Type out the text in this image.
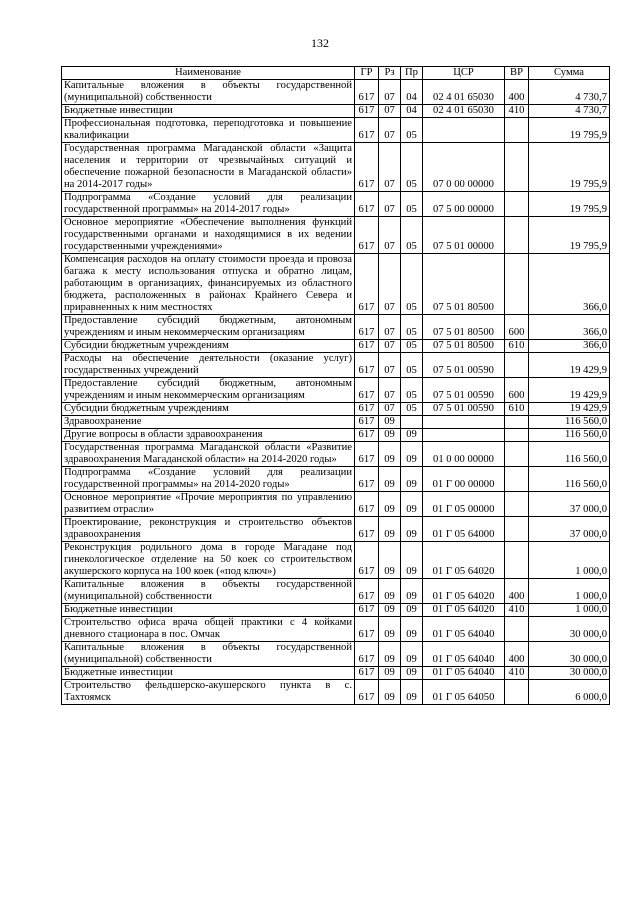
132
Наименование	ГР	Рз	Пр	ЦСР	ВР	Сумма
Капитальные вложения в объекты государственной (муниципальной) собственности	617	07	04	02 4 01 65030	400	4 730,7
Бюджетные инвестиции	617	07	04	02 4 01 65030	410	4 730,7
Профессиональная подготовка, переподготовка и повышение квалификации	617	07	05			19 795,9
Государственная программа Магаданской области «Защита населения и территории от чрезвычайных ситуаций и обеспечение пожарной безопасности в Магаданской области» на 2014-2017 годы»	617	07	05	07 0 00 00000		19 795,9
Подпрограмма «Создание условий для реализации государственной программы» на 2014-2017 годы»	617	07	05	07 5 00 00000		19 795,9
Основное мероприятие «Обеспечение выполнения функций государственными органами и находящимися в их ведении государственными учреждениями»	617	07	05	07 5 01 00000		19 795,9
Компенсация расходов на оплату стоимости проезда и провоза багажа к месту использования отпуска и обратно лицам, работающим в организациях, финансируемых из областного бюджета, расположенных в районах Крайнего Севера и приравненных к ним местностях	617	07	05	07 5 01 80500		366,0
Предоставление субсидий бюджетным, автономным учреждениям и иным некоммерческим организациям	617	07	05	07 5 01 80500	600	366,0
Субсидии бюджетным учреждениям	617	07	05	07 5 01 80500	610	366,0
Расходы на обеспечение деятельности (оказание услуг) государственных учреждений	617	07	05	07 5 01 00590		19 429,9
Предоставление субсидий бюджетным, автономным учреждениям и иным некоммерческим организациям	617	07	05	07 5 01 00590	600	19 429,9
Субсидии бюджетным учреждениям	617	07	05	07 5 01 00590	610	19 429,9
Здравоохранение	617	09				116 560,0
Другие вопросы в области здравоохранения	617	09	09			116 560,0
Государственная программа Магаданской области «Развитие здравоохранения Магаданской области» на 2014-2020 годы»	617	09	09	01 0 00 00000		116 560,0
Подпрограмма «Создание условий для реализации государственной программы» на 2014-2020 годы»	617	09	09	01 Г 00 00000		116 560,0
Основное мероприятие «Прочие мероприятия по управлению развитием отрасли»	617	09	09	01 Г 05 00000		37 000,0
Проектирование, реконструкция и строительство объектов здравоохранения	617	09	09	01 Г 05 64000		37 000,0
Реконструкция родильного дома в городе Магадане под гинекологическое отделение на 50 коек со строительством акушерского корпуса на 100 коек («под ключ»)	617	09	09	01 Г 05 64020		1 000,0
Капитальные вложения в объекты государственной (муниципальной) собственности	617	09	09	01 Г 05 64020	400	1 000,0
Бюджетные инвестиции	617	09	09	01 Г 05 64020	410	1 000,0
Строительство офиса врача общей практики с 4 койками дневного стационара в пос. Омчак	617	09	09	01 Г 05 64040		30 000,0
Капитальные вложения в объекты государственной (муниципальной) собственности	617	09	09	01 Г 05 64040	400	30 000,0
Бюджетные инвестиции	617	09	09	01 Г 05 64040	410	30 000,0
Строительство фельдшерско-акушерского пункта в с. Тахтоямск	617	09	09	01 Г 05 64050		6 000,0
